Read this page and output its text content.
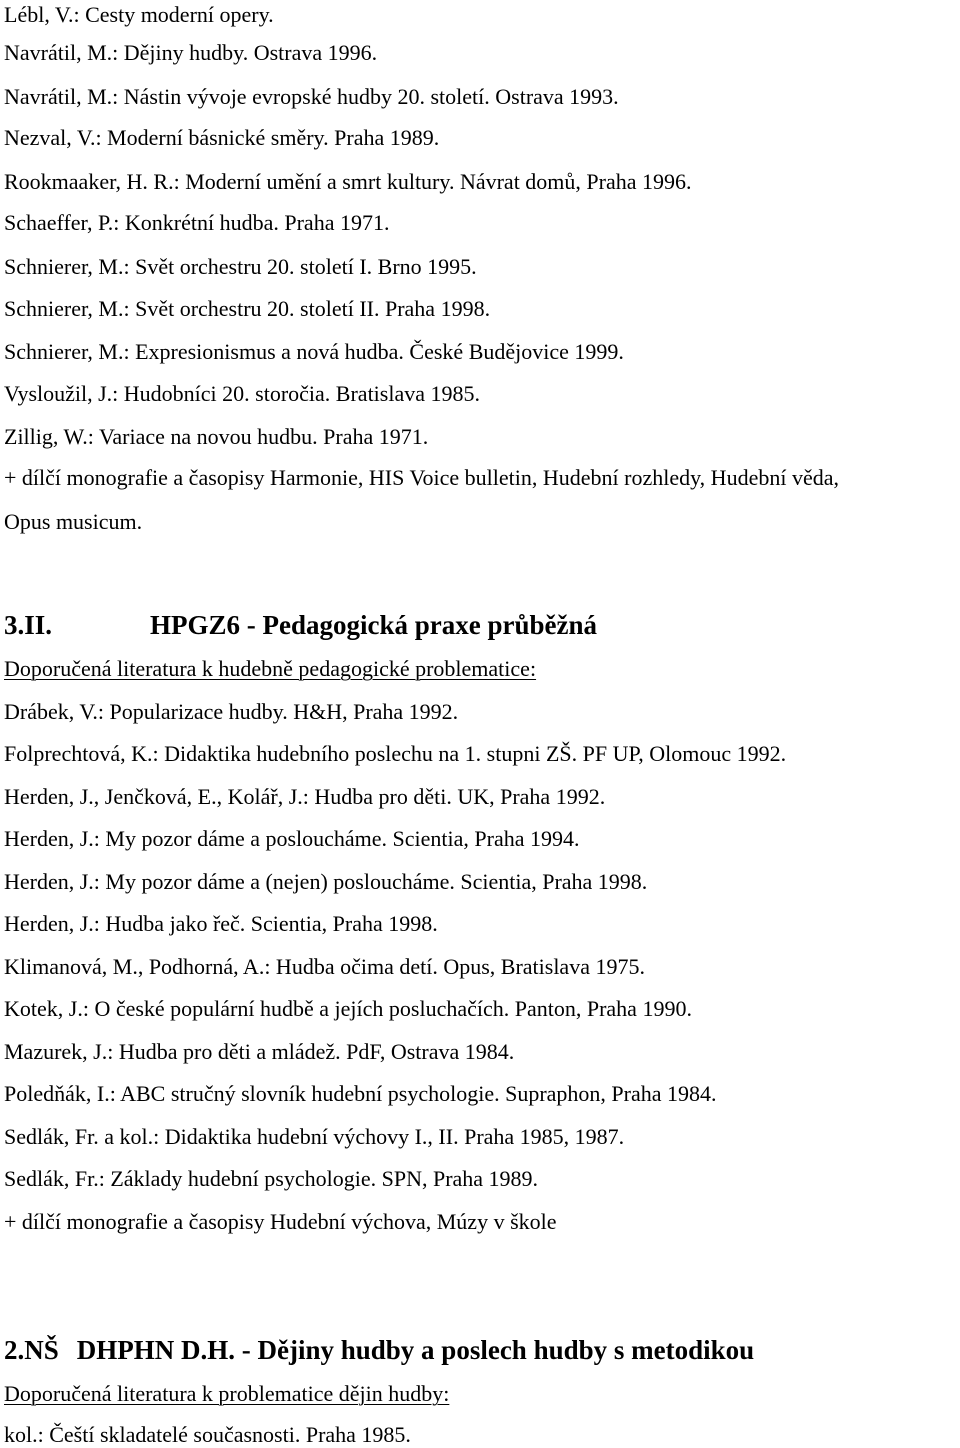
Lébl, V.: Cesty moderní opery.
Navrátil, M.: Dějiny hudby. Ostrava 1996.
Navrátil, M.: Nástin vývoje evropské hudby 20. století. Ostrava 1993.
Nezval, V.: Moderní básnické směry. Praha 1989.
Rookmaaker, H. R.: Moderní umění a smrt kultury. Návrat domů, Praha 1996.
Schaeffer, P.: Konkrétní hudba. Praha 1971.
Schnierer, M.: Svět orchestru 20. století I. Brno 1995.
Schnierer, M.: Svět orchestru 20. století II. Praha 1998.
Schnierer, M.: Expresionismus a nová hudba. České Budějovice 1999.
Vysloužil, J.: Hudobníci 20. storočia. Bratislava 1985.
Zillig, W.: Variace na novou hudbu. Praha 1971.
+ dílčí monografie a časopisy Harmonie, HIS Voice bulletin, Hudební rozhledy, Hudební věda,
Opus musicum.
3.II.	HPGZ6 - Pedagogická praxe průběžná
Doporučená literatura k hudebně pedagogické problematice:
Drábek, V.: Popularizace hudby. H&H, Praha 1992.
Folprechtová, K.: Didaktika hudebního poslechu na 1. stupni ZŠ. PF UP, Olomouc 1992.
Herden, J., Jenčková, E., Kolář, J.: Hudba pro děti. UK, Praha 1992.
Herden, J.: My pozor dáme a posloucháme. Scientia, Praha 1994.
Herden, J.: My pozor dáme a (nejen) posloucháme. Scientia, Praha 1998.
Herden, J.: Hudba jako řeč. Scientia, Praha 1998.
Klimanová, M., Podhorná, A.: Hudba očima detí. Opus, Bratislava 1975.
Kotek, J.: O české populární hudbě a jejích posluchačích. Panton, Praha 1990.
Mazurek, J.: Hudba pro děti a mládež. PdF, Ostrava 1984.
Poledňák, I.: ABC stručný slovník hudební psychologie. Supraphon, Praha 1984.
Sedlák, Fr. a kol.: Didaktika hudební výchovy I., II. Praha 1985, 1987.
Sedlák, Fr.: Základy hudební psychologie. SPN, Praha 1989.
+ dílčí monografie a časopisy Hudební výchova, Múzy v škole
2.NŠ DHPHN D.H. - Dějiny hudby a poslech hudby s metodikou
Doporučená literatura k problematice dějin hudby:
kol.: Čeští skladatelé současnosti. Praha 1985.
